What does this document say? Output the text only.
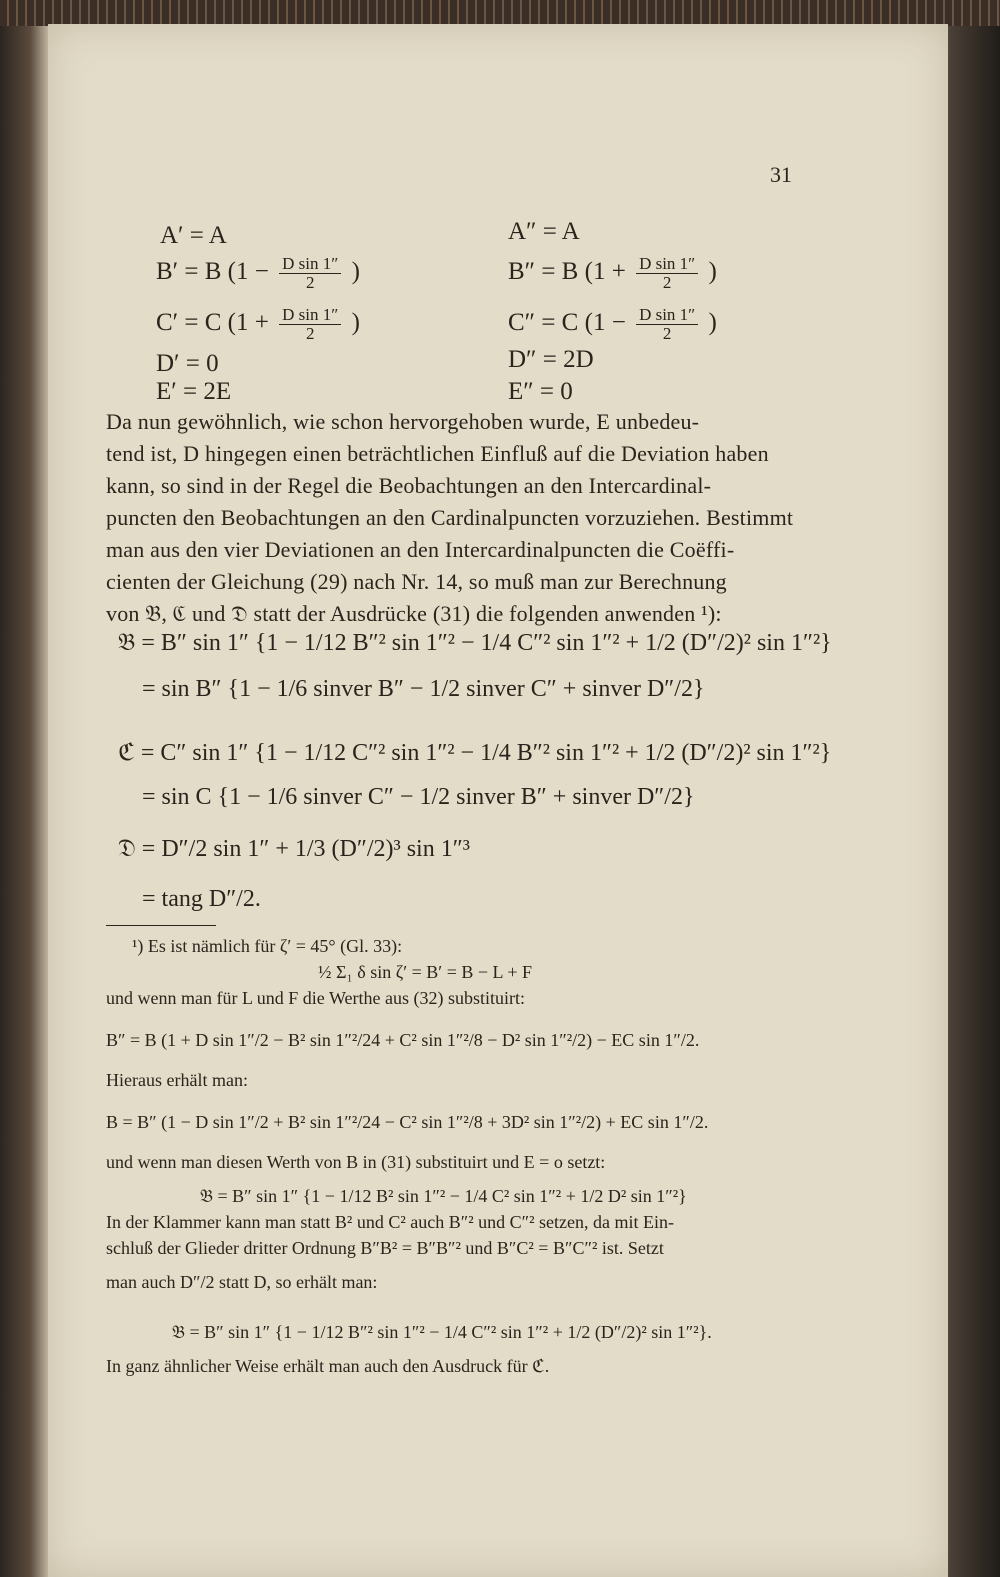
31
A′ = A
B′ = B ($1 - \frac{\text{D sin 1″}}{2}$ )
C′ = C ($1 + \frac{\text{D sin 1″}}{2}$ )
D′ = 0
E′ = 2E
A″ = A
B″ = B ($1 + \frac{\text{D sin 1″}}{2}$ )
C″ = C ($1 - \frac{\text{D sin 1″}}{2}$ )
D″ = 2D
E″ = 0
Da nun gewöhnlich, wie schon hervorgehoben wurde, E unbedeu-
tend ist, D hingegen einen beträchtlichen Einfluß auf die Deviation haben
kann, so sind in der Regel die Beobachtungen an den Intercardinal-
puncten den Beobachtungen an den Cardinalpuncten vorzuziehen. Bestimmt
man aus den vier Deviationen an den Intercardinalpuncten die Coëffi-
cienten der Gleichung (29) nach Nr. 14, so muß man zur Berechnung
von 𝔅, ℭ und 𝔇 statt der Ausdrücke (31) die folgenden anwenden ¹):
𝔅 = B″ sin 1″ {1 − 1/12 B″² sin 1″² − 1/4 C″² sin 1″² + 1/2 (D″/2)² sin 1″²}
= sin B″ {1 − 1/6 sinver B″ − 1/2 sinver C″ + sinver D″/2}
ℭ = C″ sin 1″ {1 − 1/12 C″² sin 1″² − 1/4 B″² sin 1″² + 1/2 (D″/2)² sin 1″²}
= sin C {1 − 1/6 sinver C″ − 1/2 sinver B″ + sinver D″/2}
𝔇 = D″/2 sin 1″ + 1/3 (D″/2)³ sin 1″³
= tang D″/2.
¹) Es ist nämlich für ζ′ = 45° (Gl. 33):
½ Σ₁ δ sin ζ′ = B′ = B − L + F
und wenn man für L und F die Werthe aus (32) substituirt:
B″ = B (1 + D sin 1″/2 − B² sin 1″²/24 + C² sin 1″²/8 − D² sin 1″²/2) − EC sin 1″/2.
Hieraus erhält man:
B = B″ (1 − D sin 1″/2 + B² sin 1″²/24 − C² sin 1″²/8 + 3D² sin 1″²/2) + EC sin 1″/2.
und wenn man diesen Werth von B in (31) substituirt und E = o setzt:
𝔅 = B″ sin 1″ {1 − 1/12 B² sin 1″² − 1/4 C² sin 1″² + 1/2 D² sin 1″²}
In der Klammer kann man statt B² und C² auch B″² und C″² setzen, da mit Ein-
schluß der Glieder dritter Ordnung B″B² = B″B″² und B″C² = B″C″² ist. Setzt
man auch D″/2 statt D, so erhält man:
𝔅 = B″ sin 1″ {1 − 1/12 B″² sin 1″² − 1/4 C″² sin 1″² + 1/2 (D″/2)² sin 1″²}.
In ganz ähnlicher Weise erhält man auch den Ausdruck für ℭ.
